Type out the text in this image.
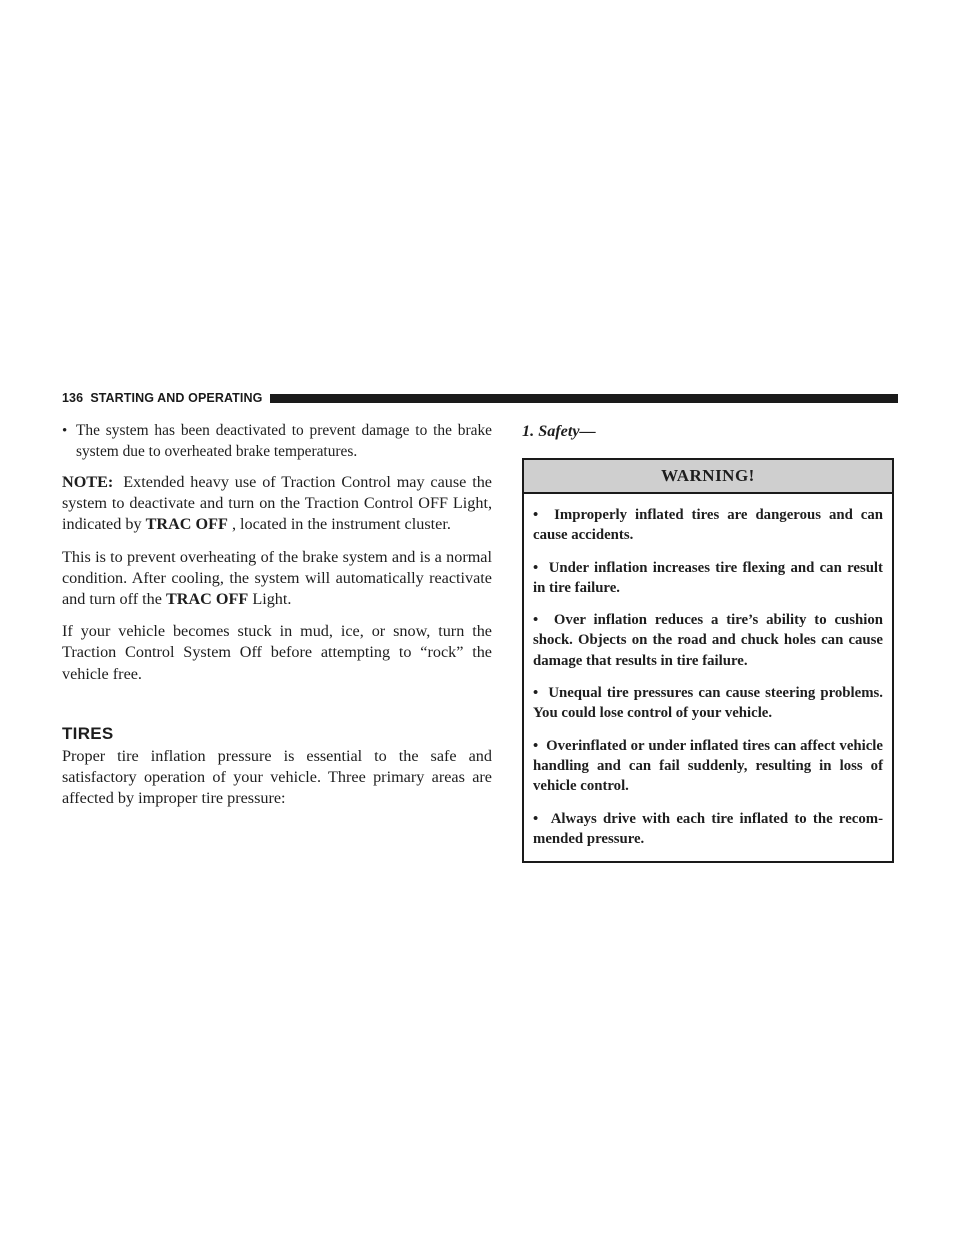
136 STARTING AND OPERATING
• The system has been deactivated to prevent damage to the brake system due to overheated brake temperatures.

NOTE: Extended heavy use of Traction Control may cause the system to deactivate and turn on the Traction Control OFF Light, indicated by TRAC OFF , located in the instrument cluster.

This is to prevent overheating of the brake system and is a normal condition. After cooling, the system will automatically reactivate and turn off the TRAC OFF Light.

If your vehicle becomes stuck in mud, ice, or snow, turn the Traction Control System Off before attempting to “rock” the vehicle free.

TIRES

Proper tire inflation pressure is essential to the safe and satisfactory operation of your vehicle. Three primary areas are affected by improper tire pressure:

1. Safety—
WARNING!

•  Improperly inflated tires are dangerous and can cause accidents.

•  Under inflation increases tire flexing and can result in tire failure.

•  Over inflation reduces a tire’s ability to cushion shock. Objects on the road and chuck holes can cause damage that results in tire failure.

•  Unequal tire pressures can cause steering problems. You could lose control of your vehicle.

•  Overinflated or under inflated tires can affect vehicle handling and can fail suddenly, resulting in loss of vehicle control.

•  Always drive with each tire inflated to the recommended pressure.
